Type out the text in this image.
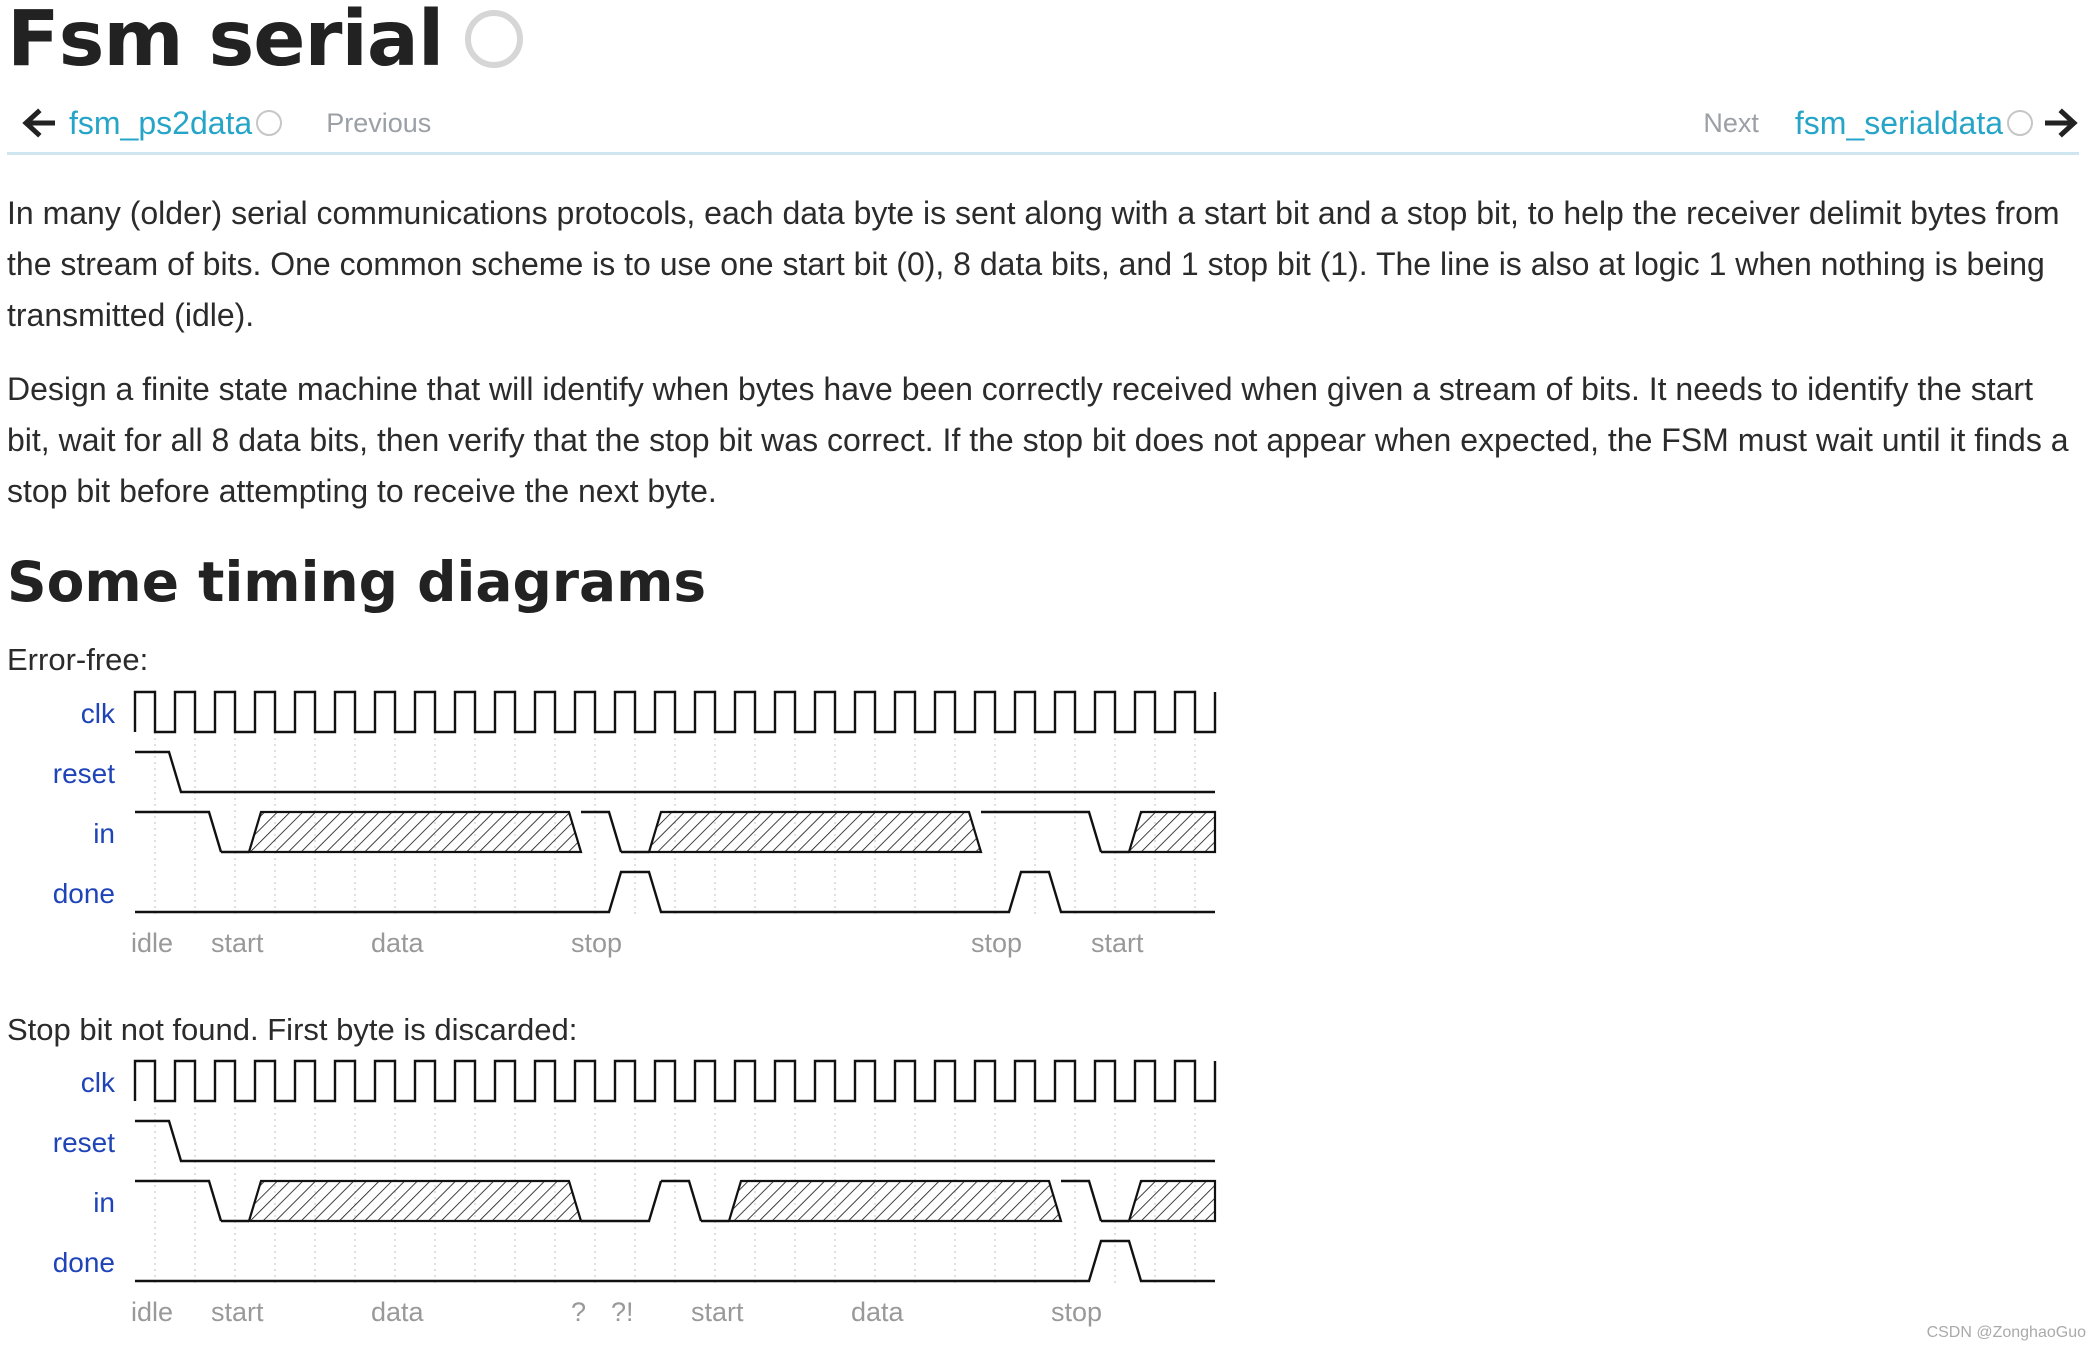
Fsm serial
fsm_ps2data	Previous	Next fsm_serialdata

In many (older) serial communications protocols, each data byte is sent along with a start bit and a stop bit, to help the receiver delimit bytes from the stream of bits. One common scheme is to use one start bit (0), 8 data bits, and 1 stop bit (1). The line is also at logic 1 when nothing is being transmitted (idle).

Design a finite state machine that will identify when bytes have been correctly received when given a stream of bits. It needs to identify the start bit, wait for all 8 data bits, then verify that the stop bit was correct. If the stop bit does not appear when expected, the FSM must wait until it finds a stop bit before attempting to receive the next byte.

Some timing diagrams
Error-free:
clk
reset
in
done
idle start	data	stop	stop	start
Stop bit not found. First byte is discarded:
clk
reset
in
done
idle start	data	? ?! start	data	stop
CSDN @ZonghaoGuo
